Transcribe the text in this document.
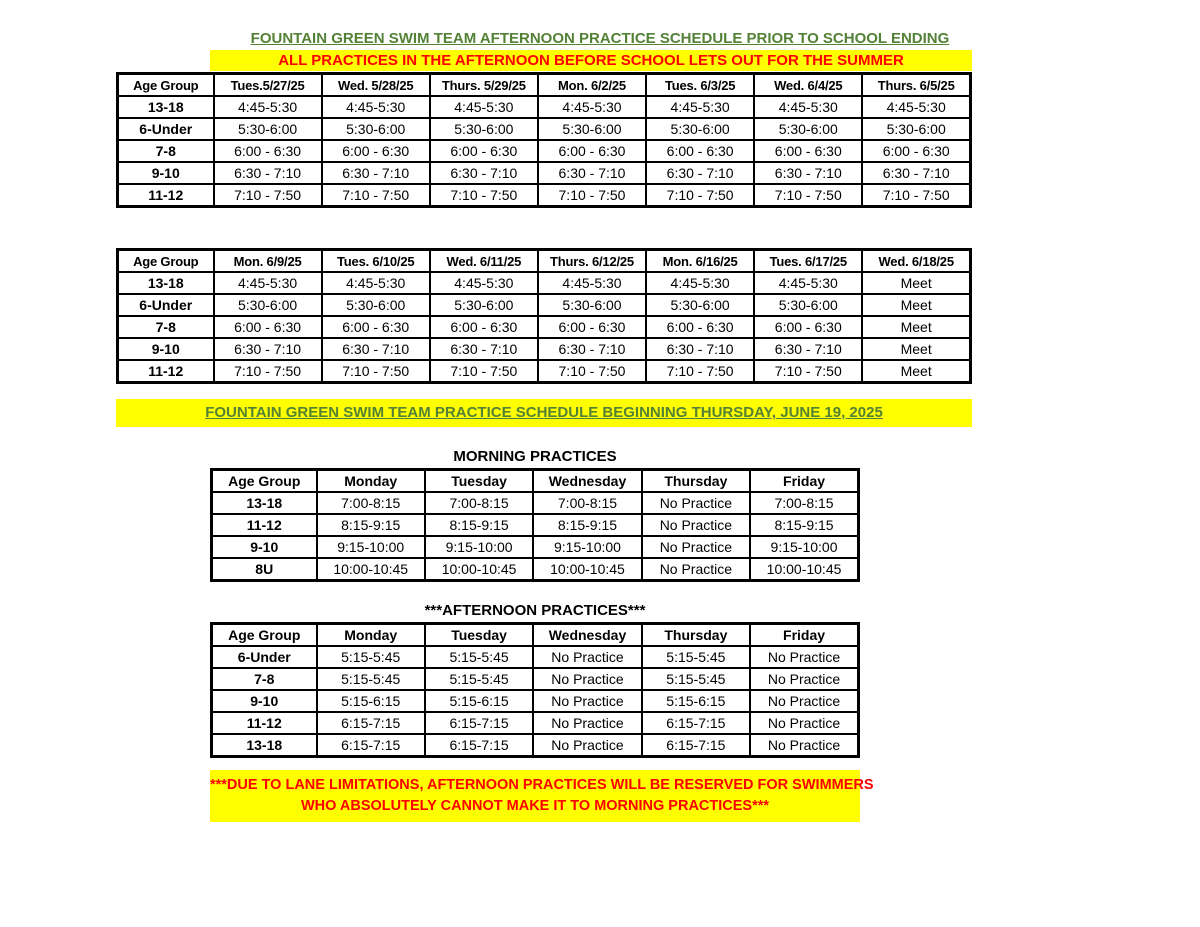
FOUNTAIN GREEN SWIM TEAM AFTERNOON PRACTICE SCHEDULE PRIOR TO SCHOOL ENDING
ALL PRACTICES IN THE AFTERNOON BEFORE SCHOOL LETS OUT FOR THE SUMMER
Age Group	Tues.5/27/25	Wed. 5/28/25	Thurs. 5/29/25	Mon. 6/2/25	Tues. 6/3/25	Wed. 6/4/25	Thurs. 6/5/25
13-18	4:45-5:30	4:45-5:30	4:45-5:30	4:45-5:30	4:45-5:30	4:45-5:30	4:45-5:30
6-Under	5:30-6:00	5:30-6:00	5:30-6:00	5:30-6:00	5:30-6:00	5:30-6:00	5:30-6:00
7-8	6:00 - 6:30	6:00 - 6:30	6:00 - 6:30	6:00 - 6:30	6:00 - 6:30	6:00 - 6:30	6:00 - 6:30
9-10	6:30 - 7:10	6:30 - 7:10	6:30 - 7:10	6:30 - 7:10	6:30 - 7:10	6:30 - 7:10	6:30 - 7:10
11-12	7:10 - 7:50	7:10 - 7:50	7:10 - 7:50	7:10 - 7:50	7:10 - 7:50	7:10 - 7:50	7:10 - 7:50
Age Group	Mon. 6/9/25	Tues. 6/10/25	Wed. 6/11/25	Thurs. 6/12/25	Mon. 6/16/25	Tues. 6/17/25	Wed. 6/18/25
13-18	4:45-5:30	4:45-5:30	4:45-5:30	4:45-5:30	4:45-5:30	4:45-5:30	Meet
6-Under	5:30-6:00	5:30-6:00	5:30-6:00	5:30-6:00	5:30-6:00	5:30-6:00	Meet
7-8	6:00 - 6:30	6:00 - 6:30	6:00 - 6:30	6:00 - 6:30	6:00 - 6:30	6:00 - 6:30	Meet
9-10	6:30 - 7:10	6:30 - 7:10	6:30 - 7:10	6:30 - 7:10	6:30 - 7:10	6:30 - 7:10	Meet
11-12	7:10 - 7:50	7:10 - 7:50	7:10 - 7:50	7:10 - 7:50	7:10 - 7:50	7:10 - 7:50	Meet
FOUNTAIN GREEN SWIM TEAM PRACTICE SCHEDULE BEGINNING THURSDAY, JUNE 19, 2025
MORNING PRACTICES
Age Group	Monday	Tuesday	Wednesday	Thursday	Friday
13-18	7:00-8:15	7:00-8:15	7:00-8:15	No Practice	7:00-8:15
11-12	8:15-9:15	8:15-9:15	8:15-9:15	No Practice	8:15-9:15
9-10	9:15-10:00	9:15-10:00	9:15-10:00	No Practice	9:15-10:00
8U	10:00-10:45	10:00-10:45	10:00-10:45	No Practice	10:00-10:45
***AFTERNOON PRACTICES***
Age Group	Monday	Tuesday	Wednesday	Thursday	Friday
6-Under	5:15-5:45	5:15-5:45	No Practice	5:15-5:45	No Practice
7-8	5:15-5:45	5:15-5:45	No Practice	5:15-5:45	No Practice
9-10	5:15-6:15	5:15-6:15	No Practice	5:15-6:15	No Practice
11-12	6:15-7:15	6:15-7:15	No Practice	6:15-7:15	No Practice
13-18	6:15-7:15	6:15-7:15	No Practice	6:15-7:15	No Practice
***DUE TO LANE LIMITATIONS, AFTERNOON PRACTICES WILL BE RESERVED FOR SWIMMERS
WHO ABSOLUTELY CANNOT MAKE IT TO MORNING PRACTICES***
